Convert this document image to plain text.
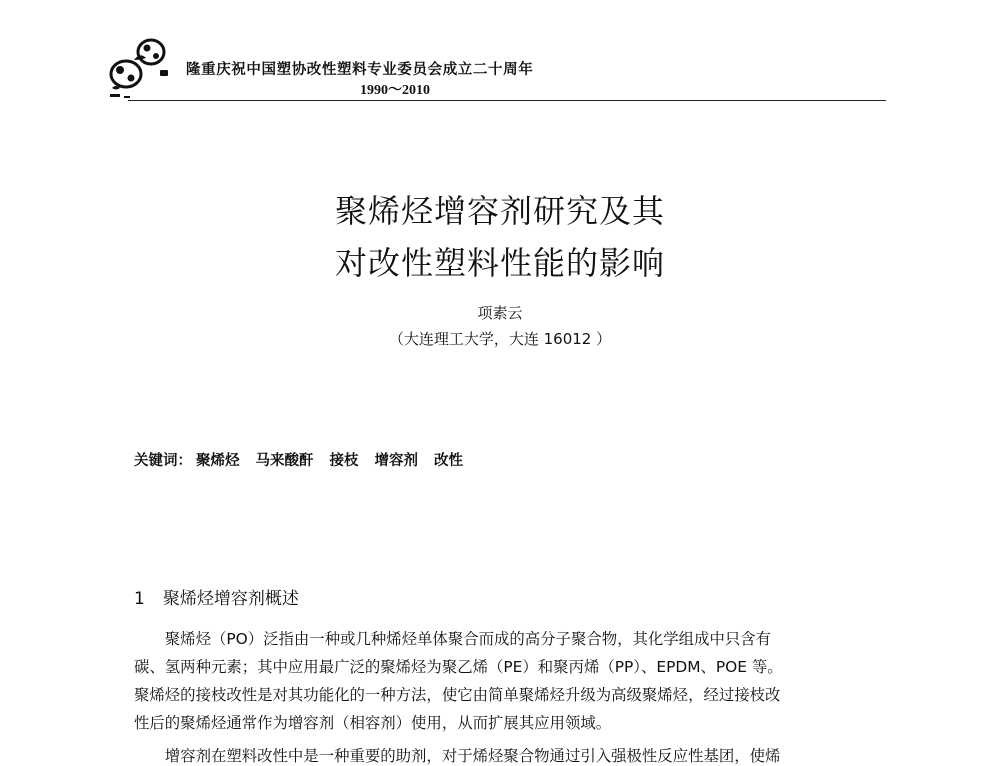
隆重庆祝中国塑协改性塑料专业委员会成立二十周年
1990～2010
聚烯烃增容剂研究及其
对改性塑料性能的影响
项素云
（大连理工大学，大连 16012 ）
关键词： 聚烯烃 马来酸酐 接枝 增容剂 改性
1 聚烯烃增容剂概述
　　聚烯烃（PO）泛指由一种或几种烯烃单体聚合而成的高分子聚合物，其化学组成中只含有
碳、氢两种元素；其中应用最广泛的聚烯烃为聚乙烯（PE）和聚丙烯（PP）、EPDM、POE 等。
聚烯烃的接枝改性是对其功能化的一种方法，使它由简单聚烯烃升级为高级聚烯烃，经过接枝改
性后的聚烯烃通常作为增容剂（相容剂）使用，从而扩展其应用领域。
　　增容剂在塑料改性中是一种重要的助剂，对于烯烃聚合物通过引入强极性反应性基团，使烯
